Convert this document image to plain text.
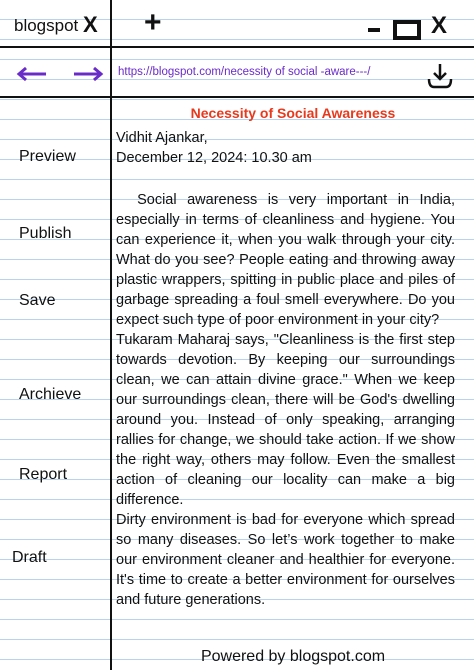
blogspot X +	X
https://blogspot.com/necessity of social -aware---/
Preview
Publish
Save
Archieve
Report
Draft
Necessity of Social Awareness
Vidhit Ajankar,
December 12, 2024: 10.30 am

Social awareness is very important in India, especially in terms of cleanliness and hygiene. You can experience it, when you walk through your city. What do you see? People eating and throwing away plastic wrappers, spitting in public place and piles of garbage spreading a foul smell everywhere. Do you expect such type of poor environment in your city?

Tukaram Maharaj says, "Cleanliness is the first step towards devotion. By keeping our surroundings clean, we can attain divine grace." When we keep our surroundings clean, there will be God's dwelling around you. Instead of only speaking, arranging rallies for change, we should take action. If we show the right way, others may follow. Even the smallest action of cleaning our locality can make a big difference.

Dirty environment is bad for everyone which spread so many diseases. So let’s work together to make our environment cleaner and healthier for everyone. It's time to create a better environment for ourselves and future generations.

Powered by blogspot.com
